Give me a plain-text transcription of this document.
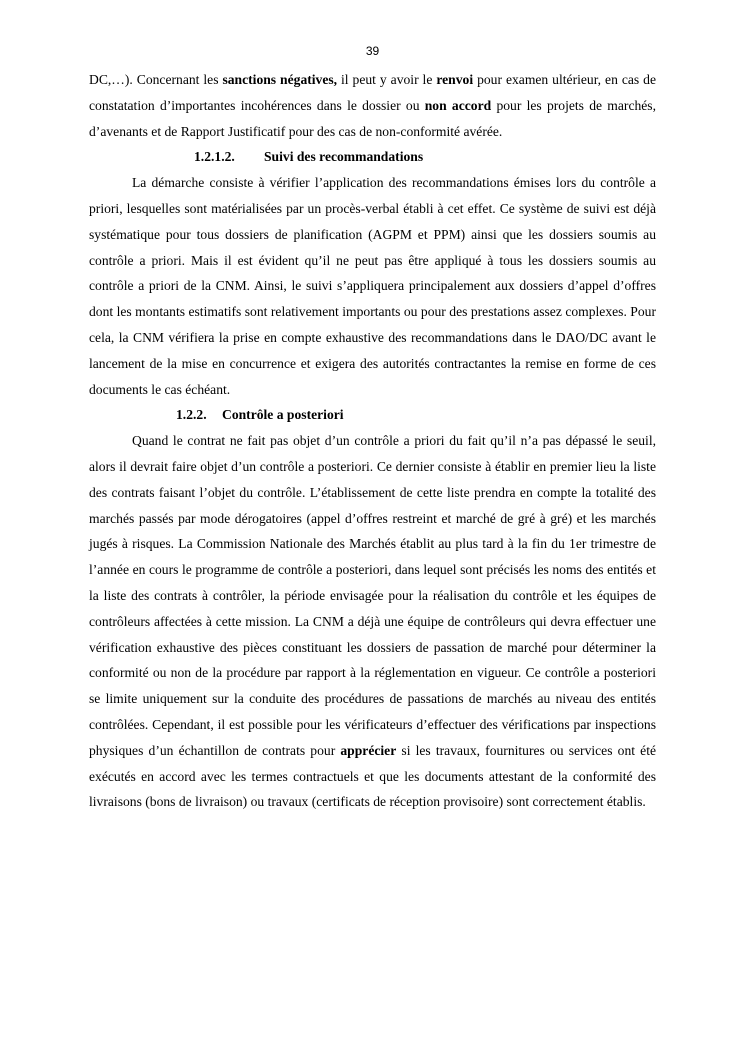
39

DC,…). Concernant les sanctions négatives, il peut y avoir le renvoi pour examen ultérieur, en cas de constatation d’importantes incohérences dans le dossier ou non accord pour les projets de marchés, d’avenants et de Rapport Justificatif pour des cas de non-conformité avérée.

1.2.1.2. Suivi des recommandations

La démarche consiste à vérifier l’application des recommandations émises lors du contrôle a priori, lesquelles sont matérialisées par un procès-verbal établi à cet effet. Ce système de suivi est déjà systématique pour tous dossiers de planification (AGPM et PPM) ainsi que les dossiers soumis au contrôle a priori. Mais il est évident qu’il ne peut pas être appliqué à tous les dossiers soumis au contrôle a priori de la CNM. Ainsi, le suivi s’appliquera principalement aux dossiers d’appel d’offres dont les montants estimatifs sont relativement importants ou pour des prestations assez complexes. Pour cela, la CNM vérifiera la prise en compte exhaustive des recommandations dans le DAO/DC avant le lancement de la mise en concurrence et exigera des autorités contractantes la remise en forme de ces documents le cas échéant.

1.2.2. Contrôle a posteriori

Quand le contrat ne fait pas objet d’un contrôle a priori du fait qu’il n’a pas dépassé le seuil, alors il devrait faire objet d’un contrôle a posteriori. Ce dernier consiste à établir en premier lieu la liste des contrats faisant l’objet du contrôle. L’établissement de cette liste prendra en compte la totalité des marchés passés par mode dérogatoires (appel d’offres restreint et marché de gré à gré) et les marchés jugés à risques. La Commission Nationale des Marchés établit au plus tard à la fin du 1er trimestre de l’année en cours le programme de contrôle a posteriori, dans lequel sont précisés les noms des entités et la liste des contrats à contrôler, la période envisagée pour la réalisation du contrôle et les équipes de contrôleurs affectées à cette mission. La CNM a déjà une équipe de contrôleurs qui devra effectuer une vérification exhaustive des pièces constituant les dossiers de passation de marché pour déterminer la conformité ou non de la procédure par rapport à la réglementation en vigueur. Ce contrôle a posteriori se limite uniquement sur la conduite des procédures de passations de marchés au niveau des entités contrôlées. Cependant, il est possible pour les vérificateurs d’effectuer des vérifications par inspections physiques d’un échantillon de contrats pour apprécier si les travaux, fournitures ou services ont été exécutés en accord avec les termes contractuels et que les documents attestant de la conformité des livraisons (bons de livraison) ou travaux (certificats de réception provisoire) sont correctement établis.
